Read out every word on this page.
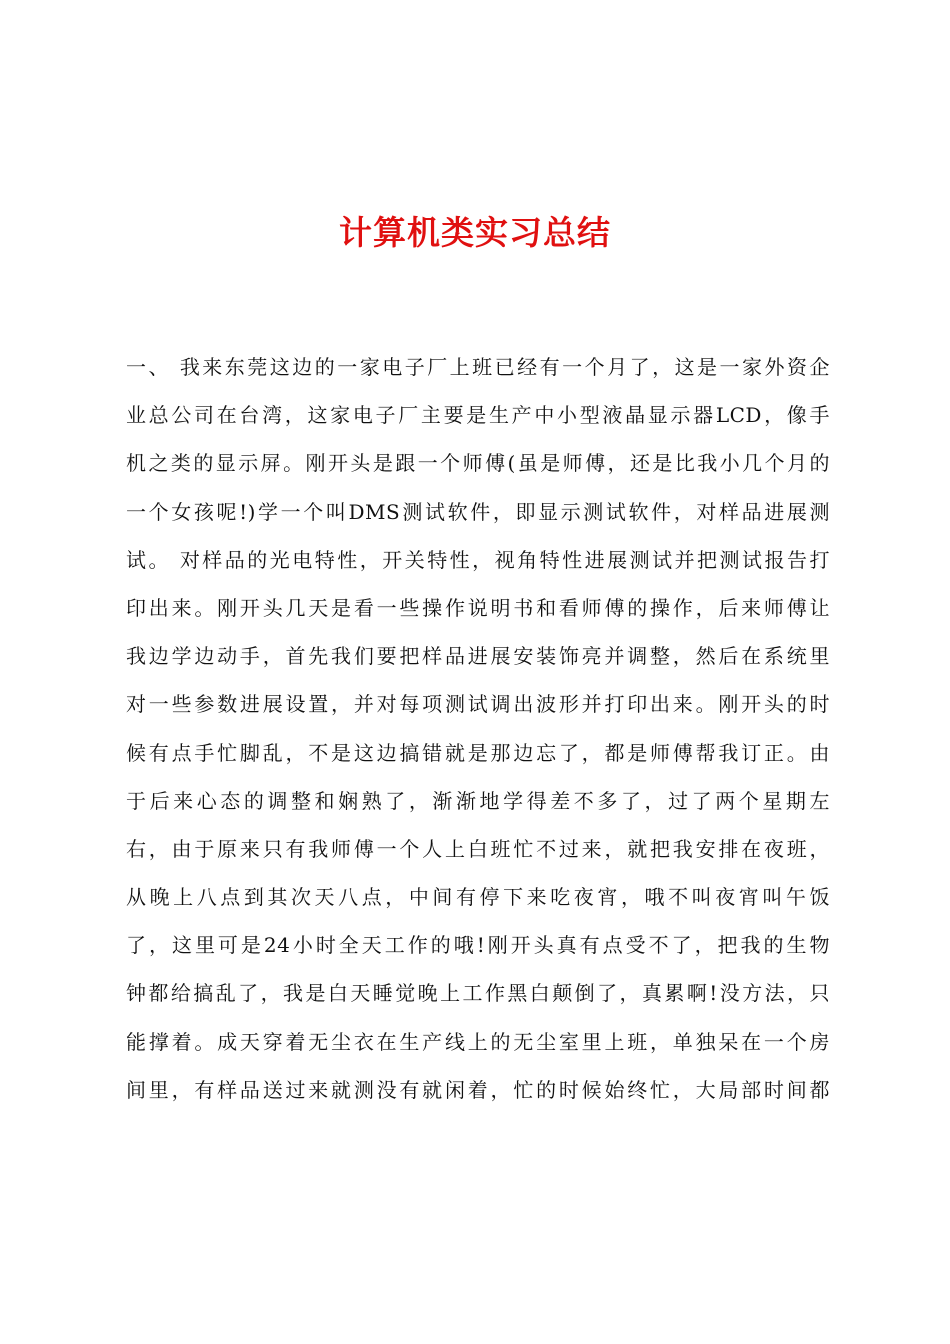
计算机类实习总结
一、 我来东莞这边的一家电子厂上班已经有一个月了，这是一家外资企
业总公司在台湾，这家电子厂主要是生产中小型液晶显示器LCD，像手
机之类的显示屏。刚开头是跟一个师傅(虽是师傅，还是比我小几个月的
一个女孩呢!)学一个叫DMS测试软件，即显示测试软件，对样品进展测
试。 对样品的光电特性，开关特性，视角特性进展测试并把测试报告打
印出来。刚开头几天是看一些操作说明书和看师傅的操作，后来师傅让
我边学边动手，首先我们要把样品进展安装饰亮并调整，然后在系统里
对一些参数进展设置，并对每项测试调出波形并打印出来。刚开头的时
候有点手忙脚乱，不是这边搞错就是那边忘了，都是师傅帮我订正。由
于后来心态的调整和娴熟了，渐渐地学得差不多了，过了两个星期左
右，由于原来只有我师傅一个人上白班忙不过来，就把我安排在夜班，
从晚上八点到其次天八点，中间有停下来吃夜宵，哦不叫夜宵叫午饭
了，这里可是24小时全天工作的哦!刚开头真有点受不了，把我的生物
钟都给搞乱了，我是白天睡觉晚上工作黑白颠倒了，真累啊!没方法，只
能撑着。成天穿着无尘衣在生产线上的无尘室里上班，单独呆在一个房
间里，有样品送过来就测没有就闲着，忙的时候始终忙，大局部时间都
